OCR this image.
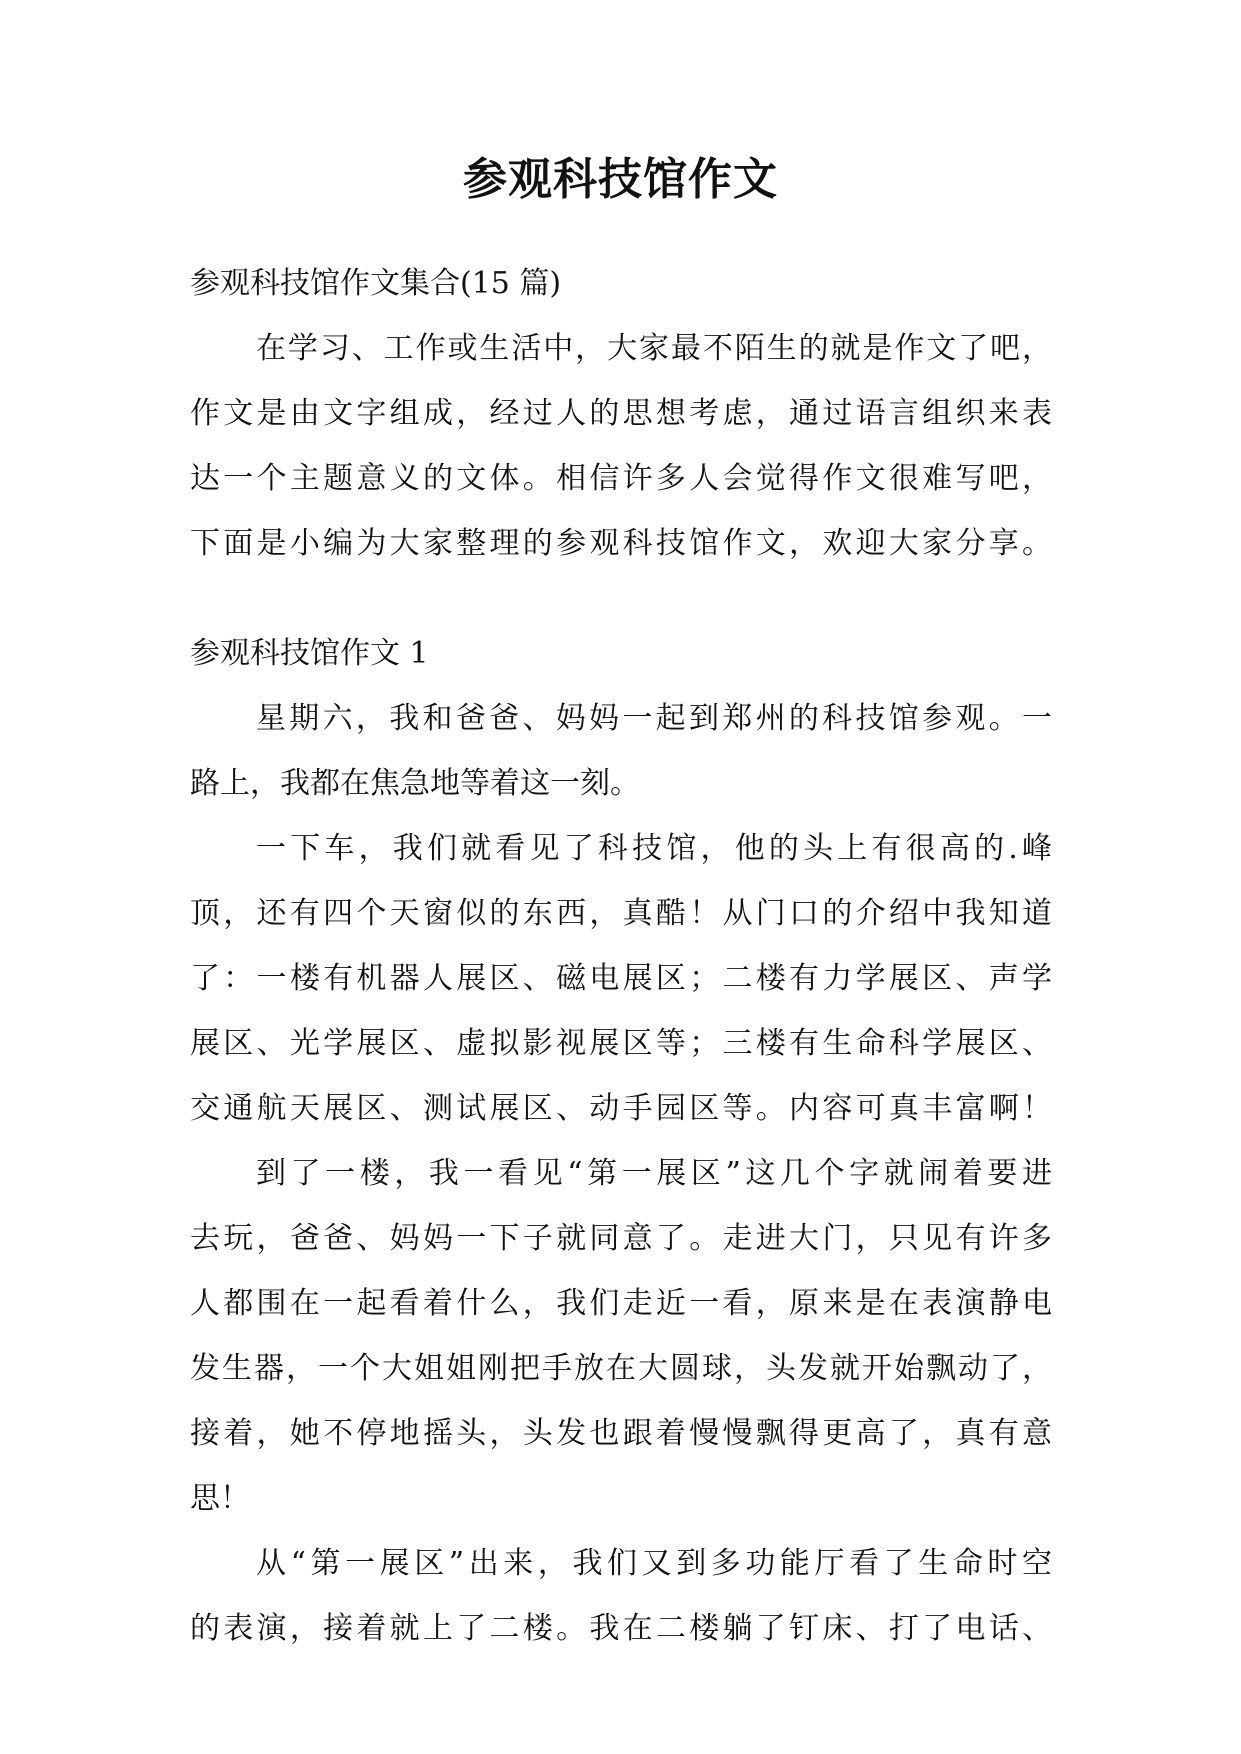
参观科技馆作文

参观科技馆作文集合(15 篇)

在学习、工作或生活中，大家最不陌生的就是作文了吧，

作文是由文字组成，经过人的思想考虑，通过语言组织来表

达一个主题意义的文体。相信许多人会觉得作文很难写吧，

下面是小编为大家整理的参观科技馆作文，欢迎大家分享。

参观科技馆作文 1

星期六，我和爸爸、妈妈一起到郑州的科技馆参观。一

路上，我都在焦急地等着这一刻。

一下车，我们就看见了科技馆，他的头上有很高的.峰

顶，还有四个天窗似的东西，真酷！从门口的介绍中我知道

了：一楼有机器人展区、磁电展区；二楼有力学展区、声学

展区、光学展区、虚拟影视展区等；三楼有生命科学展区、

交通航天展区、测试展区、动手园区等。内容可真丰富啊！

到了一楼，我一看见“第一展区”这几个字就闹着要进

去玩，爸爸、妈妈一下子就同意了。走进大门，只见有许多

人都围在一起看着什么，我们走近一看，原来是在表演静电

发生器，一个大姐姐刚把手放在大圆球，头发就开始飘动了，

接着，她不停地摇头，头发也跟着慢慢飘得更高了，真有意

思！

从“第一展区”出来，我们又到多功能厅看了生命时空

的表演，接着就上了二楼。我在二楼躺了钉床、打了电话、
